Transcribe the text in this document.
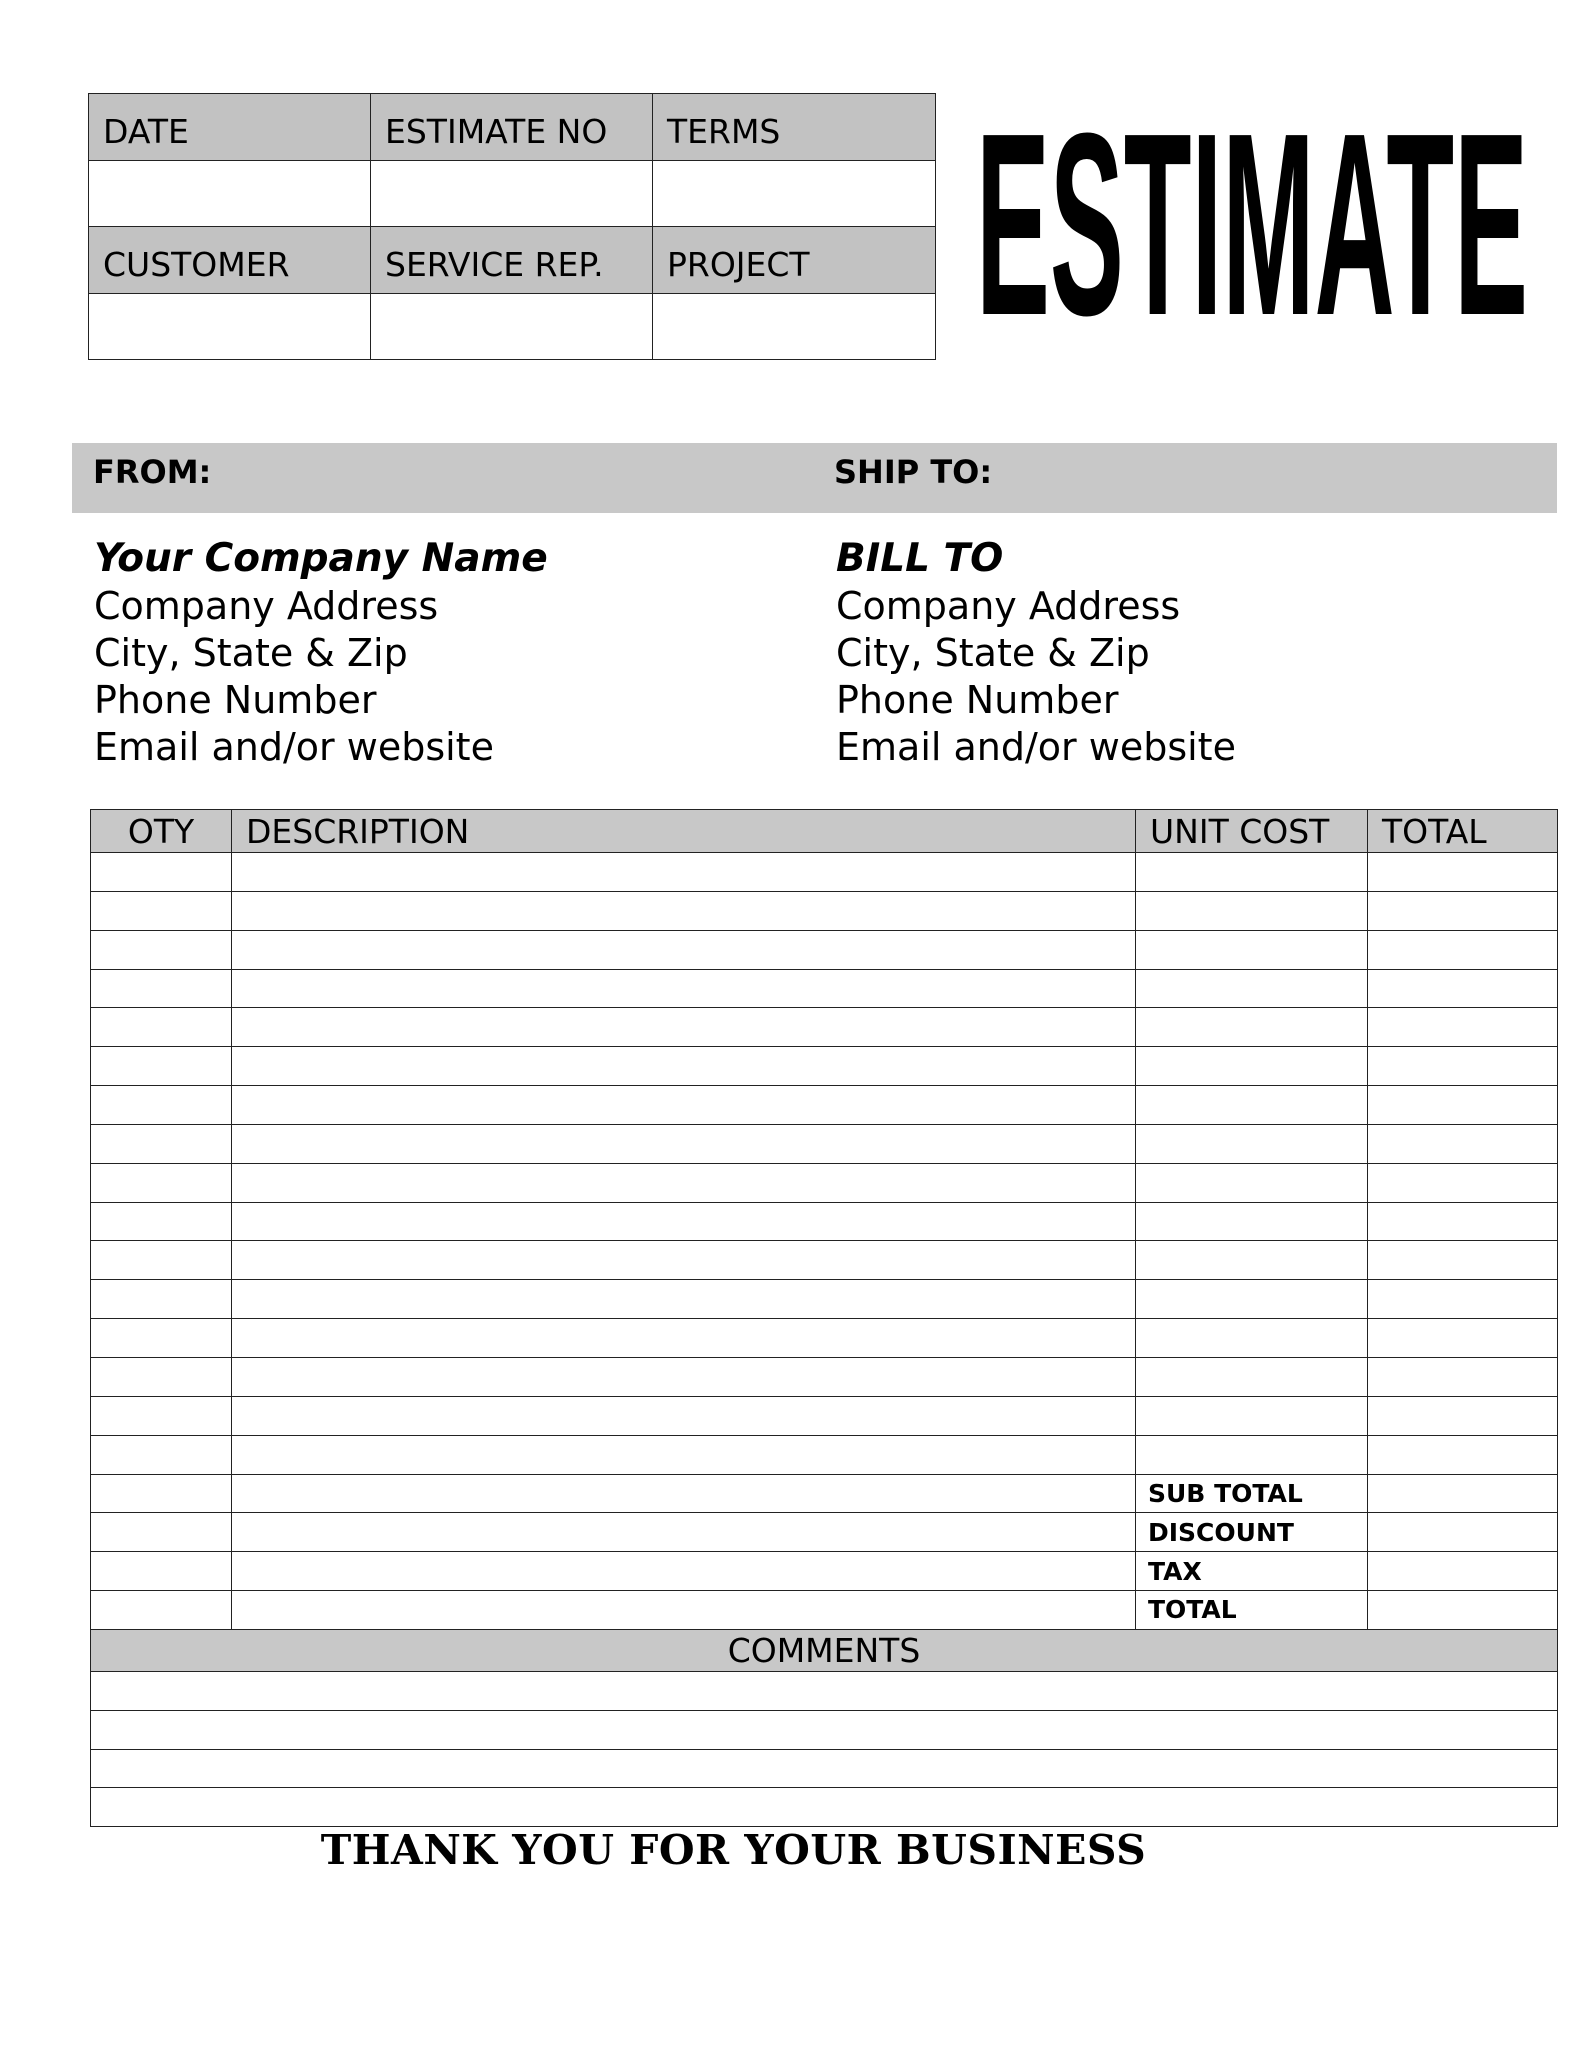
DATE	ESTIMATE NO	TERMS

CUSTOMER	SERVICE REP.	PROJECT
		ESTIMATE
FROM:	SHIP TO:
Your Company Name
Company Address
City, State & Zip
Phone Number
Email and/or website
BILL TO
Company Address
City, State & Zip
Phone Number
Email and/or website
OTY	DESCRIPTION	UNIT COST	TOTAL

		SUB TOTAL	
		DISCOUNT	
		TAX	
		TOTAL	
COMMENTS			

THANK YOU FOR YOUR BUSINESS
